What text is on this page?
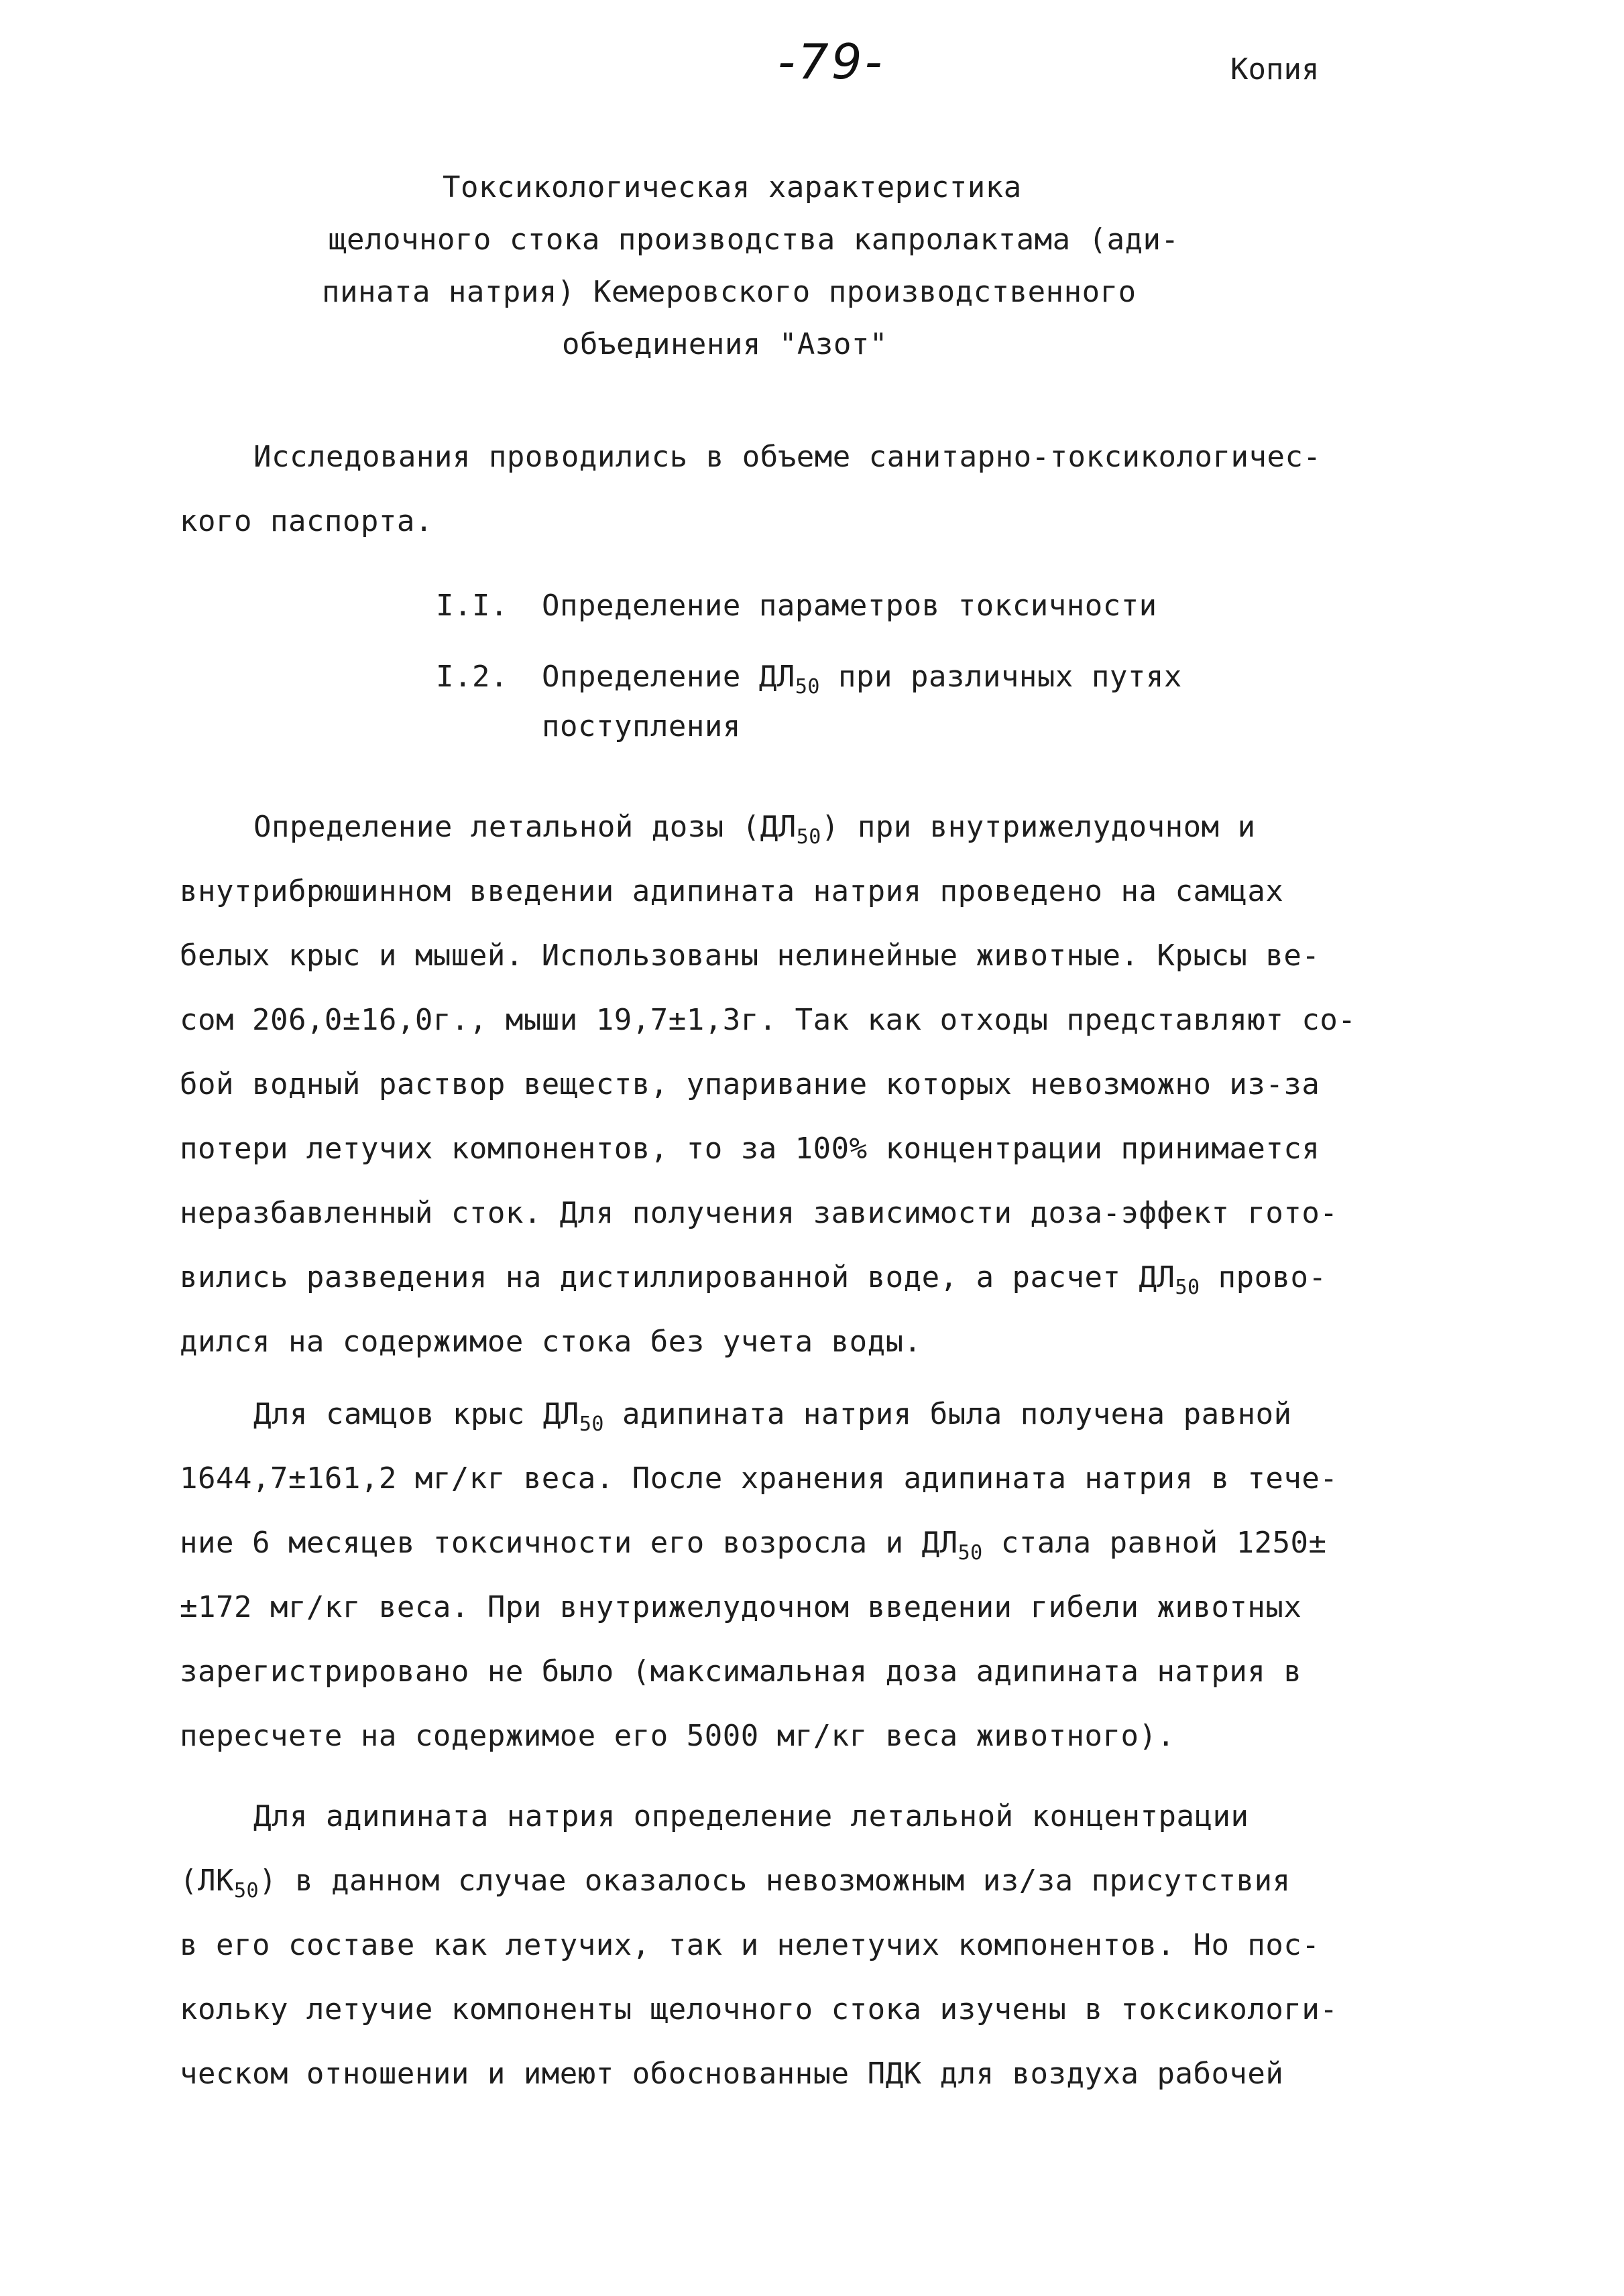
-79-	Копия
Токсикологическая характеристика
щелочного стока производства капролактама (ади-
пината натрия) Кемеровского производственного
объединения "Азот"
Исследования проводились в объеме санитарно-токсикологичес-
кого паспорта.
I.I. Определение параметров токсичности
I.2. Определение $ДЛ_{50}$ при различных путях
поступления
Определение летальной дозы $(ДЛ_{50})$ при внутрижелудочном и
внутрибрюшинном введении адипината натрия проведено на самцах
белых крыс и мышей. Использованы нелинейные животные. Крысы ве-
сом 206,0±16,0г., мыши 19,7±1,3г. Так как отходы представляют со-
бой водный раствор веществ, упаривание которых невозможно из-за
потери летучих компонентов, то за 100% концентрации принимается
неразбавленный сток. Для получения зависимости доза-эффект гото-
вились разведения на дистиллированной воде, а расчет $ДЛ_{50}$ прово-
дился на содержимое стока без учета воды.
Для самцов крыс $ДЛ_{50}$ адипината натрия была получена равной
1644,7±161,2 мг/кг веса. После хранения адипината натрия в тече-
ние 6 месяцев токсичности его возросла и $ДЛ_{50}$ стала равной 1250±
±172 мг/кг веса. При внутрижелудочном введении гибели животных
зарегистрировано не было (максимальная доза адипината натрия в
пересчете на содержимое его 5000 мг/кг веса животного).
Для адипината натрия определение летальной концентрации
$(ЛК_{50})$ в данном случае оказалось невозможным из/за присутствия
в его составе как летучих, так и нелетучих компонентов. Но пос-
кольку летучие компоненты щелочного стока изучены в токсикологи-
ческом отношении и имеют обоснованные ПДК для воздуха рабочей
